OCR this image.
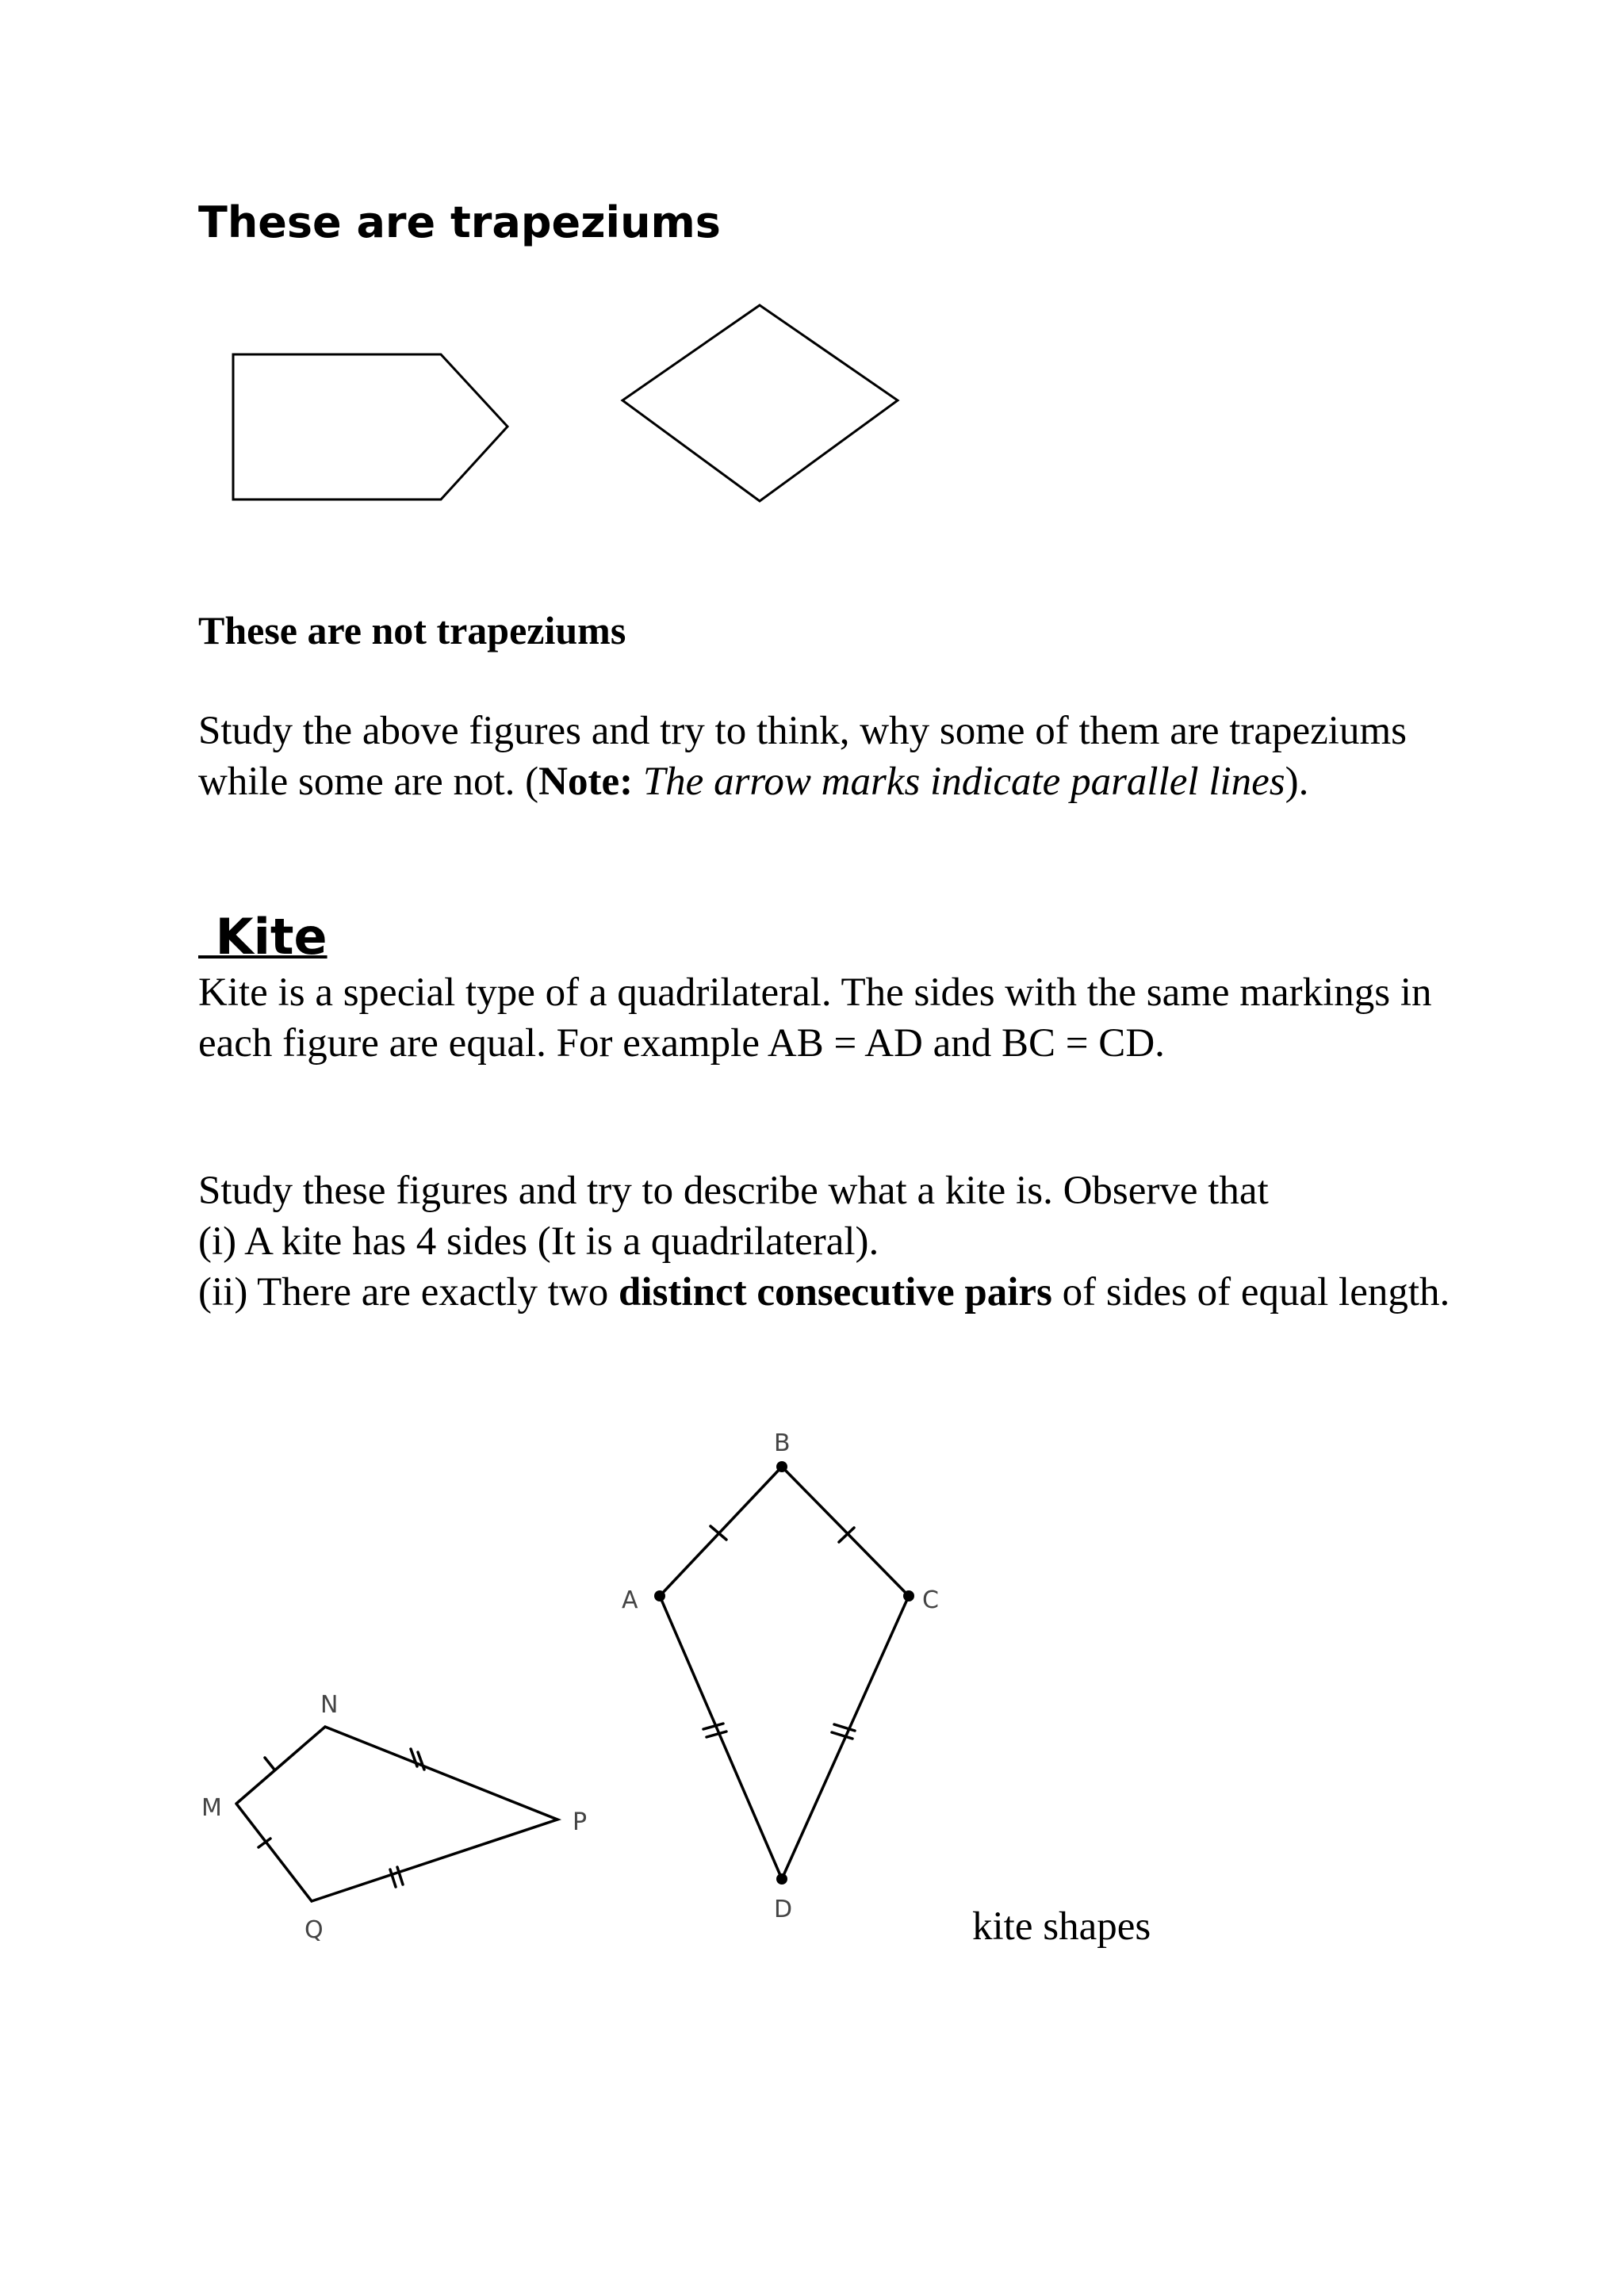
These are trapeziums
These are not trapeziums
Study the above figures and try to think, why some of them are trapeziums while some are not. (Note: The arrow marks indicate parallel lines).
Kite
Kite is a special type of a quadrilateral. The sides with the same markings in each figure are equal. For example AB = AD and BC = CD.
Study these figures and try to describe what a kite is. Observe that
(i) A kite has 4 sides (It is a quadrilateral).
(ii) There are exactly two distinct consecutive pairs of sides of equal length.
N
M
P
Q
B
A	C
D	kite shapes
